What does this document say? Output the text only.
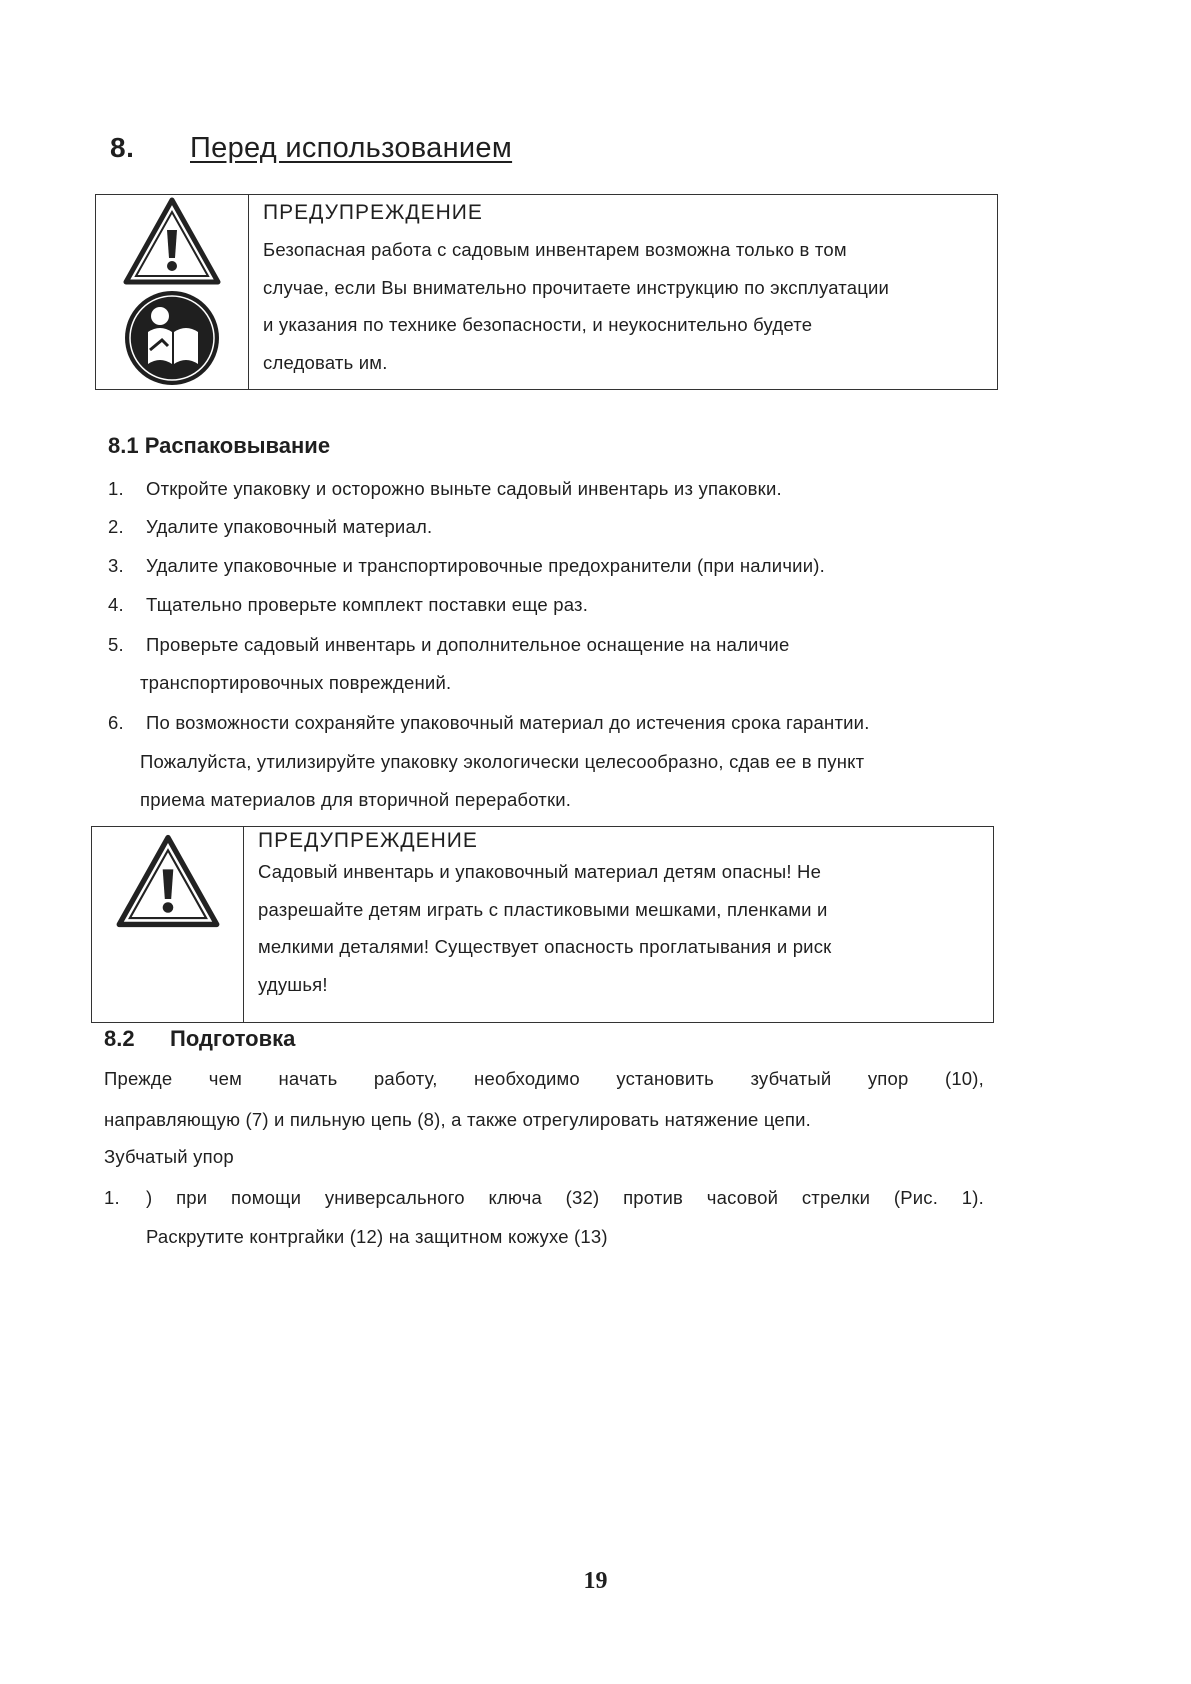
8. Перед использованием
ПРЕДУПРЕЖДЕНИЕ
Безопасная работа с садовым инвентарем возможна только в том
случае, если Вы внимательно прочитаете инструкцию по эксплуатации
и указания по технике безопасности, и неукоснительно будете
следовать им.
8.1 Распаковывание
1. Откройте упаковку и осторожно выньте садовый инвентарь из упаковки.
2. Удалите упаковочный материал.
3. Удалите упаковочные и транспортировочные предохранители (при наличии).
4. Тщательно проверьте комплект поставки еще раз.
5. Проверьте садовый инвентарь и дополнительное оснащение на наличие
транспортировочных повреждений.
6. По возможности сохраняйте упаковочный материал до истечения срока гарантии.
Пожалуйста, утилизируйте упаковку экологически целесообразно, сдав ее в пункт
приема материалов для вторичной переработки.
ПРЕДУПРЕЖДЕНИЕ
Садовый инвентарь и упаковочный материал детям опасны! Не
разрешайте детям играть с пластиковыми мешками, пленками и
мелкими деталями! Существует опасность проглатывания и риск
удушья!
8.2 Подготовка
Прежде чем начать работу, необходимо установить зубчатый упор (10),
направляющую (7) и пильную цепь (8), а также отрегулировать натяжение цепи.
Зубчатый упор
1. ) при помощи универсального ключа (32) против часовой стрелки (Рис. 1).
Раскрутите контргайки (12) на защитном кожухе (13)
19
